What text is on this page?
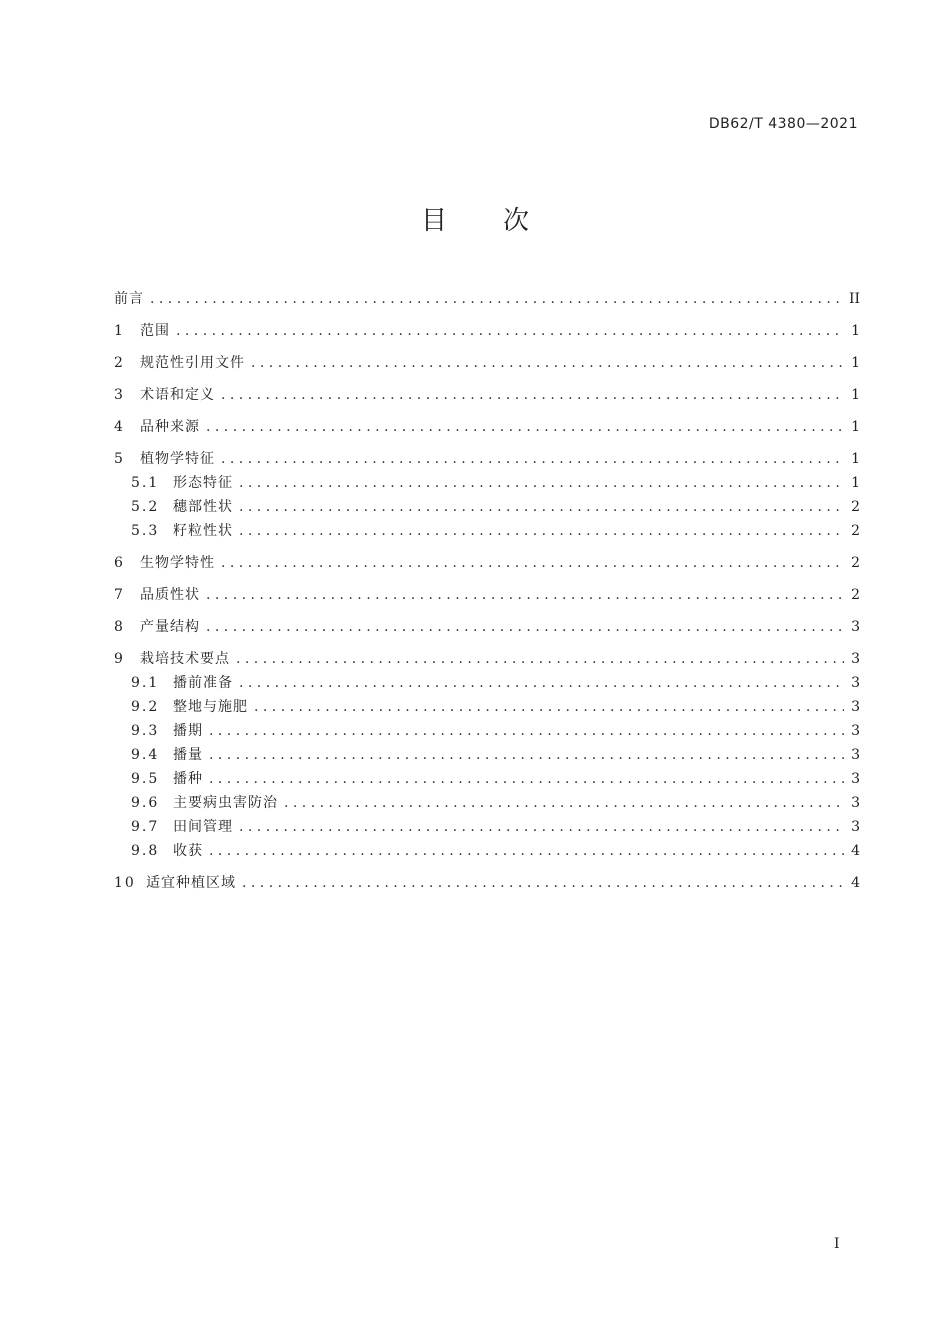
DB62/T 4380—2021
目 次
前言 . . .	II
1	范围 . . .	1
2	规范性引用文件 . . .	1
3	术语和定义 . . .	1
4	品种来源 . . .	1
5	植物学特征 . . .	1
5.1 形态特征 . . .	1
5.2 穗部性状 . . .	2
5.3 籽粒性状 . . .	2
6	生物学特性 . . .	2
7	品质性状 . . .	2
8	产量结构 . . .	3
9	栽培技术要点 . . .	3
9.1 播前准备 . . .	3
9.2 整地与施肥 . . .	3
9.3 播期 . . .	3
9.4 播量 . . .	3
9.5 播种 . . .	3
9.6 主要病虫害防治 . . .	3
9.7 田间管理 . . .	3
9.8 收获 . . .	4
10 适宜种植区域 . . .	4
I
